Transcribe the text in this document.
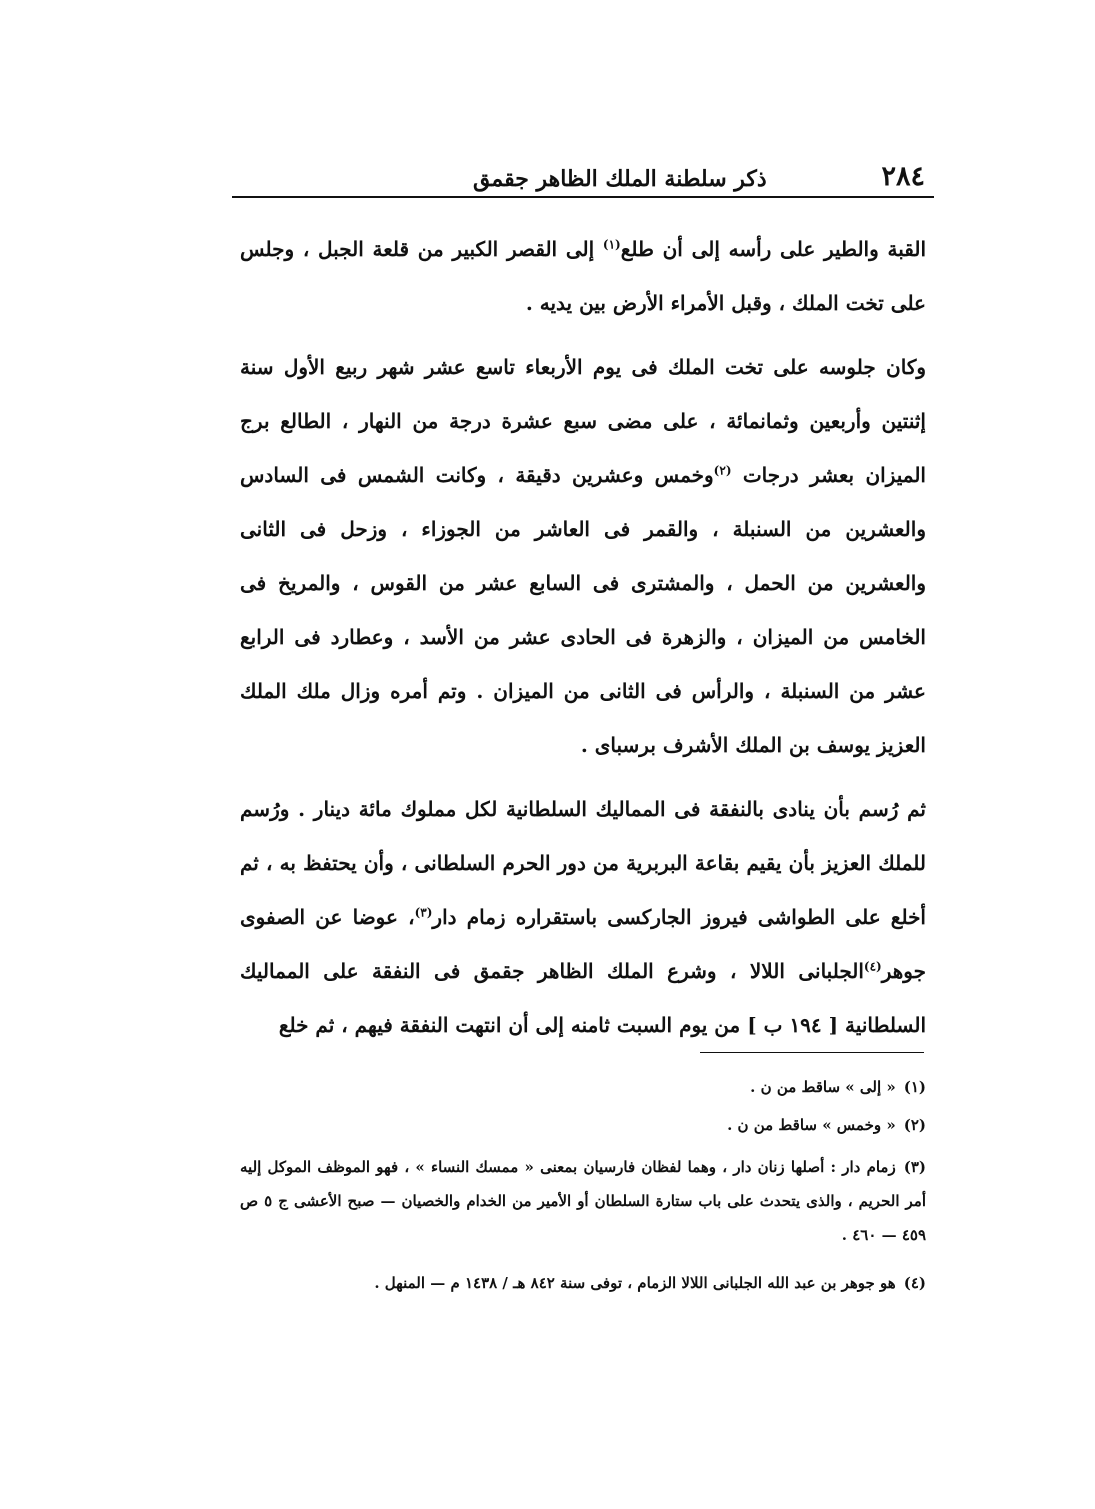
٢٨٤
ذكر سلطنة الملك الظاهر جقمق

القبة والطير على رأسه إلى أن طلع$^{(١)}$ إلى القصر الكبير من قلعة الجبل ، وجلس على تخت الملك ، وقبل الأمراء الأرض بين يديه .

وكان جلوسه على تخت الملك فى يوم الأربعاء تاسع عشر شهر ربيع الأول سنة إثنتين وأربعين وثمانمائة ، على مضى سبع عشرة درجة من النهار ، الطالع برج الميزان بعشر درجات $^{(٢)}$وخمس وعشرين دقيقة ، وكانت الشمس فى السادس والعشرين من السنبلة ، والقمر فى العاشر من الجوزاء ، وزحل فى الثانى والعشرين من الحمل ، والمشترى فى السابع عشر من القوس ، والمريخ فى الخامس من الميزان ، والزهرة فى الحادى عشر من الأسد ، وعطارد فى الرابع عشر من السنبلة ، والرأس فى الثانى من الميزان . وتم أمره وزال ملك الملك العزيز يوسف بن الملك الأشرف برسباى .

ثم رُسم بأن ينادى بالنفقة فى المماليك السلطانية لكل مملوك مائة دينار . ورُسم للملك العزيز بأن يقيم بقاعة البربرية من دور الحرم السلطانى ، وأن يحتفظ به ، ثم أخلع على الطواشى فيروز الجاركسى باستقراره زمام دار$^{(٣)}$، عوضا عن الصفوى جوهر$^{(٤)}$الجلبانى اللالا ، وشرع الملك الظاهر جقمق فى النفقة على المماليك السلطانية [ ١٩٤ ب ] من يوم السبت ثامنه إلى أن انتهت النفقة فيهم ، ثم خلع

(١)« إلى » ساقط من ن .

(٢)« وخمس » ساقط من ن .

(٣)زمام دار : أصلها زنان دار ، وهما لفظان فارسيان بمعنى « ممسك النساء » ، فهو الموظف الموكل إليه أمر الحريم ، والذى يتحدث على باب ستارة السلطان أو الأمير من الخدام والخصيان — صبح الأعشى ج ٥ ص ٤٥٩ — ٤٦٠ .

(٤)هو جوهر بن عبد الله الجلبانى اللالا الزمام ، توفى سنة ٨٤٢ هـ / ١٤٣٨ م — المنهل .
